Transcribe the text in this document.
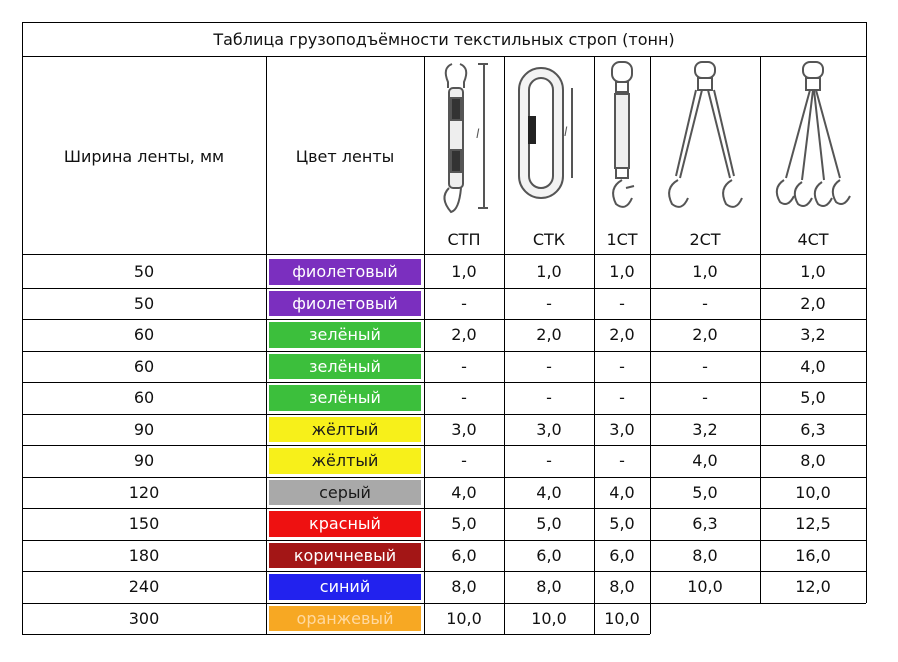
Таблица грузоподъёмности текстильных строп (тонн)
Ширина ленты, мм	Цвет ленты
l	l
СТП	СТК	1СТ	2СТ	4СТ
50	фиолетовый	1,0	1,0	1,0	1,0	1,0
50	фиолетовый	-	-	-	-	2,0
60	зелёный	2,0	2,0	2,0	2,0	3,2
60	зелёный	-	-	-	-	4,0
60	зелёный	-	-	-	-	5,0
90	жёлтый	3,0	3,0	3,0	3,2	6,3
90	жёлтый	-	-	-	4,0	8,0
120	серый	4,0	4,0	4,0	5,0	10,0
150	красный	5,0	5,0	5,0	6,3	12,5
180	коричневый	6,0	6,0	6,0	8,0	16,0
240	синий	8,0	8,0	8,0	10,0	12,0
300	оранжевый	10,0	10,0	10,0
